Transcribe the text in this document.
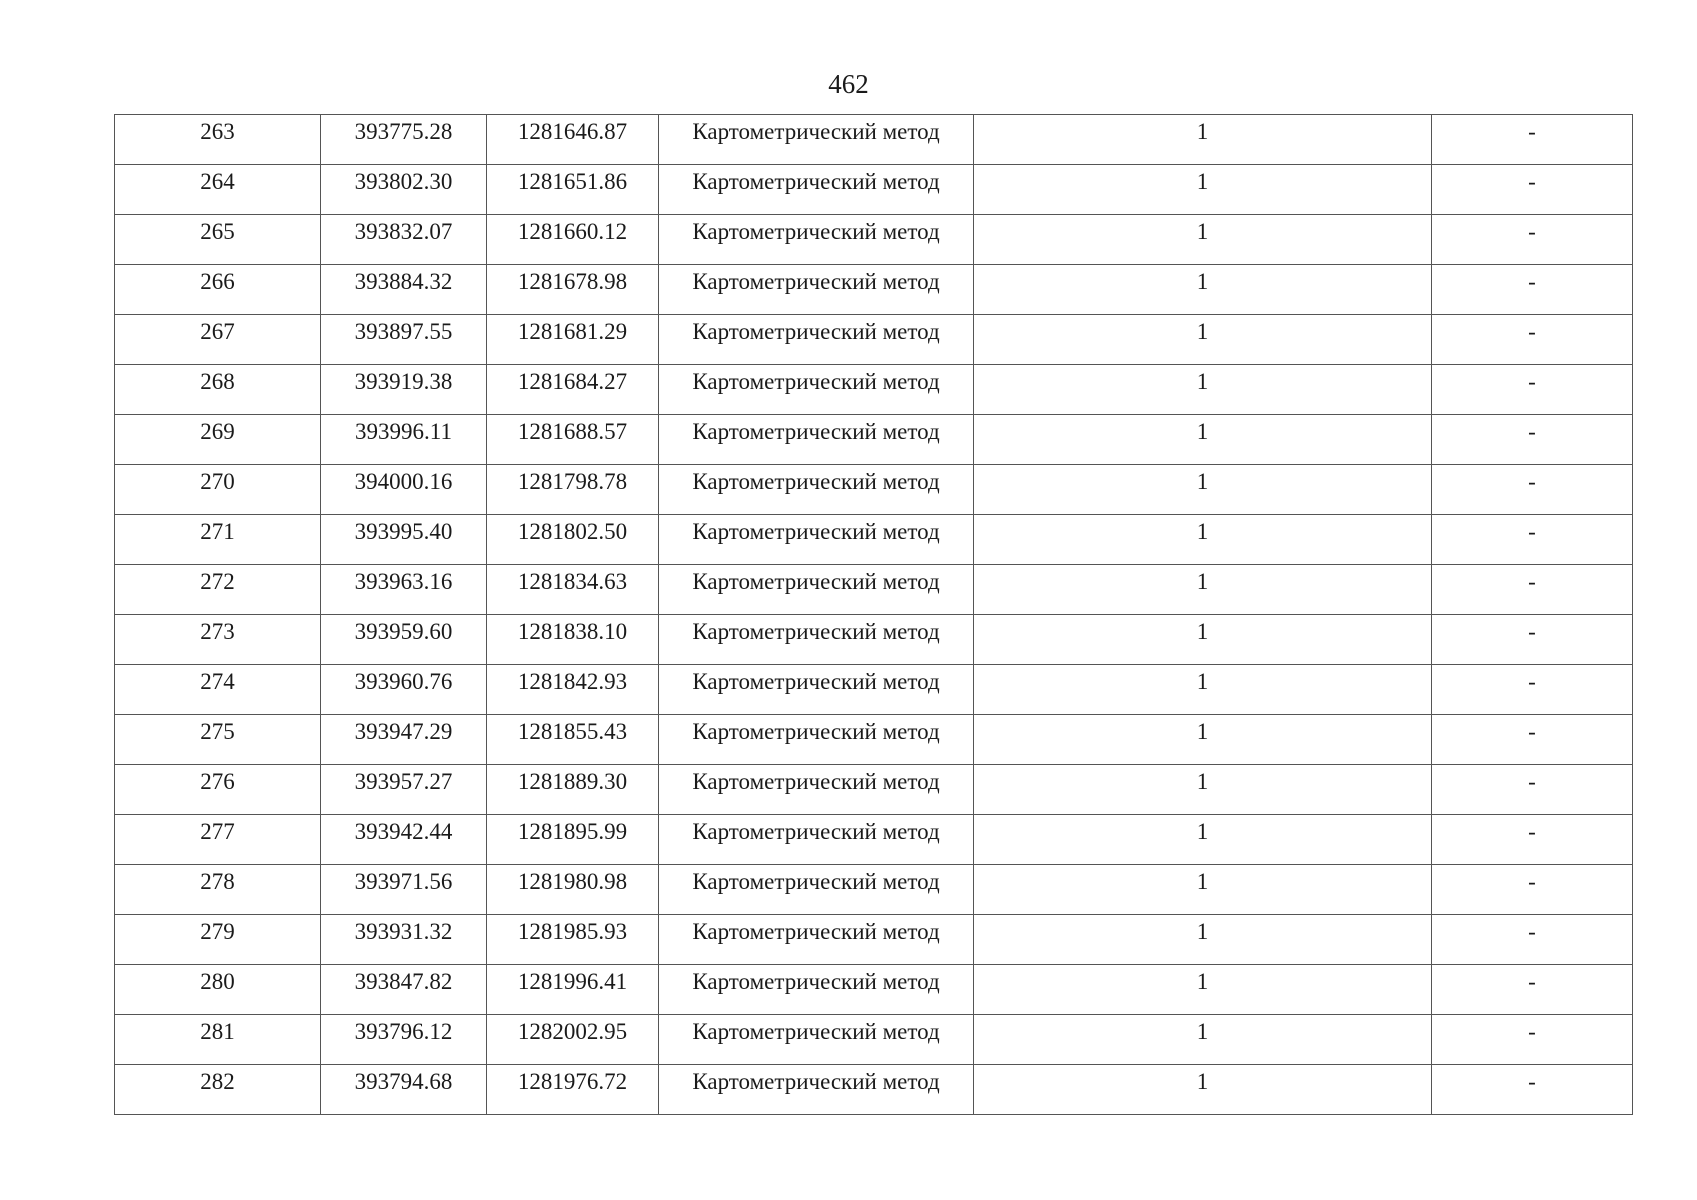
462
263	393775.28	1281646.87	Картометрический метод	1	-
264	393802.30	1281651.86	Картометрический метод	1	-
265	393832.07	1281660.12	Картометрический метод	1	-
266	393884.32	1281678.98	Картометрический метод	1	-
267	393897.55	1281681.29	Картометрический метод	1	-
268	393919.38	1281684.27	Картометрический метод	1	-
269	393996.11	1281688.57	Картометрический метод	1	-
270	394000.16	1281798.78	Картометрический метод	1	-
271	393995.40	1281802.50	Картометрический метод	1	-
272	393963.16	1281834.63	Картометрический метод	1	-
273	393959.60	1281838.10	Картометрический метод	1	-
274	393960.76	1281842.93	Картометрический метод	1	-
275	393947.29	1281855.43	Картометрический метод	1	-
276	393957.27	1281889.30	Картометрический метод	1	-
277	393942.44	1281895.99	Картометрический метод	1	-
278	393971.56	1281980.98	Картометрический метод	1	-
279	393931.32	1281985.93	Картометрический метод	1	-
280	393847.82	1281996.41	Картометрический метод	1	-
281	393796.12	1282002.95	Картометрический метод	1	-
282	393794.68	1281976.72	Картометрический метод	1	-
